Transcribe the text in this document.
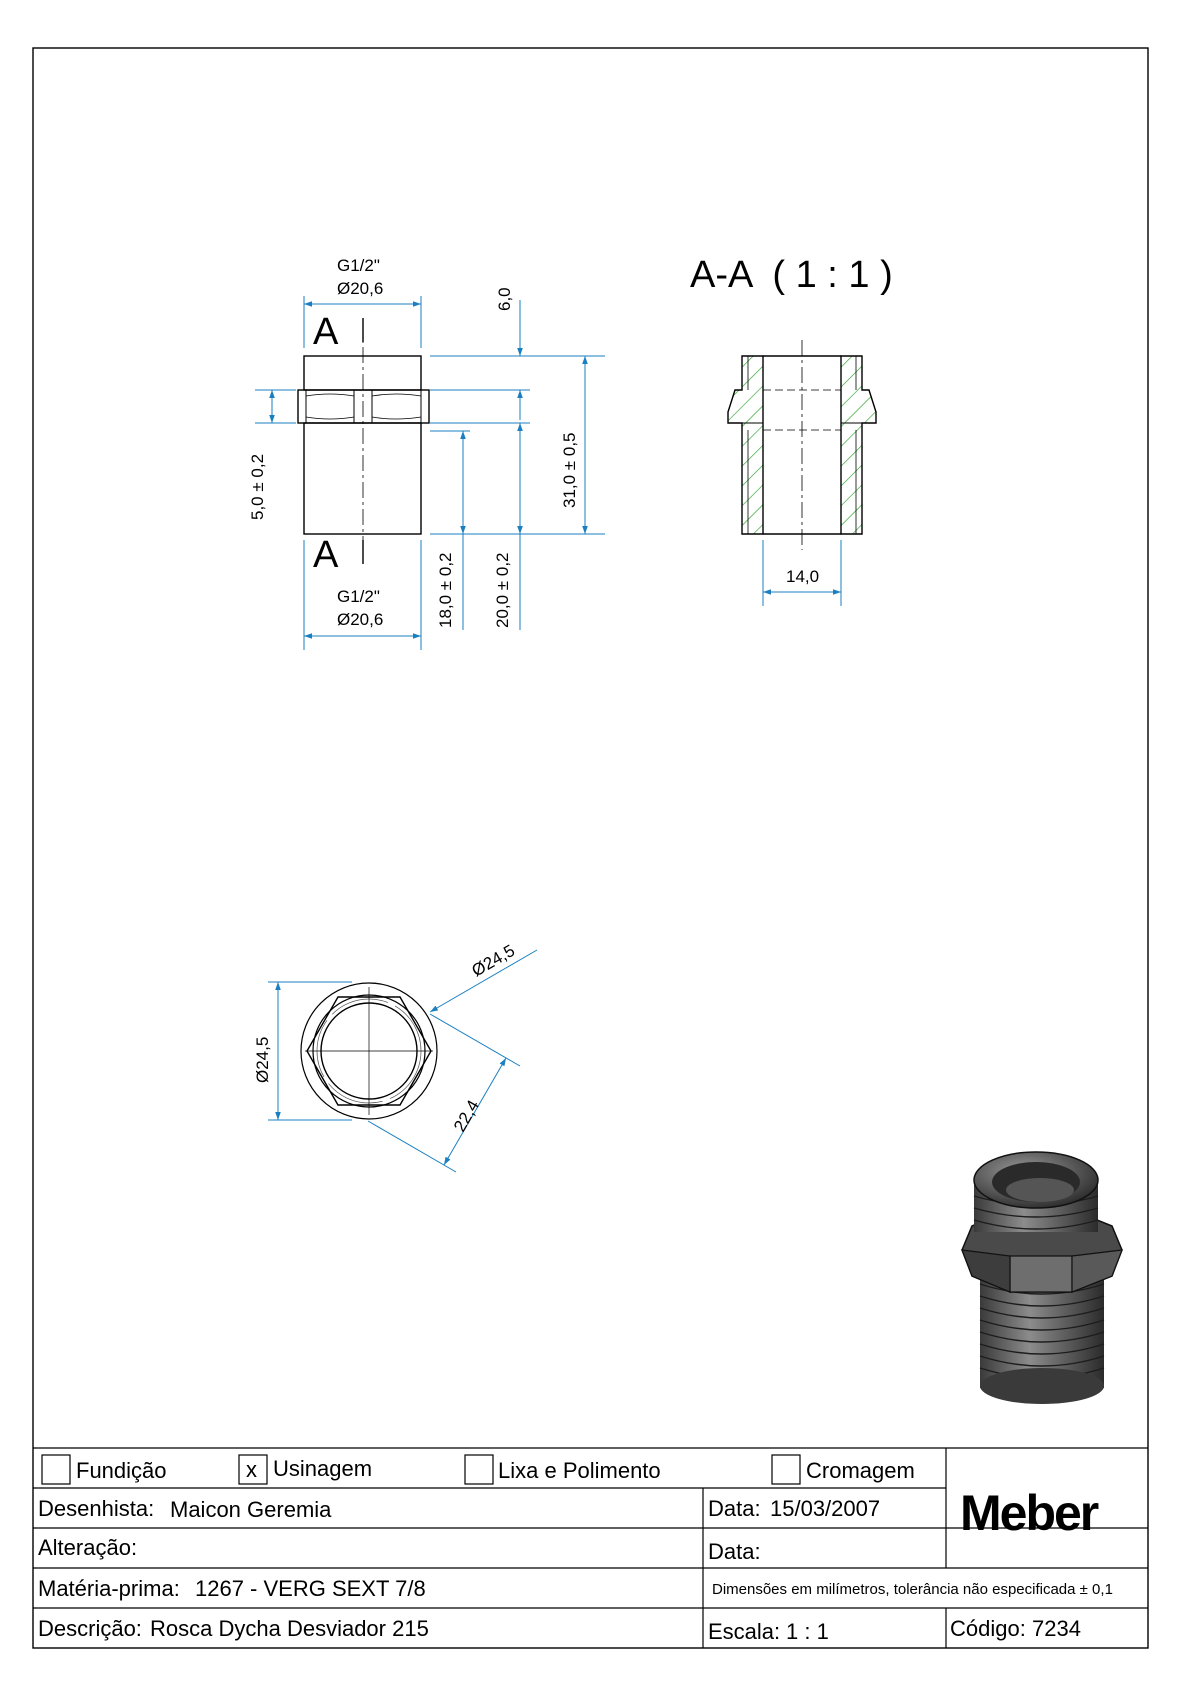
A
A
G1/2"
Ø20,6
G1/2"
Ø20,6
5,0 ± 0,2
6,0
31,0 ± 0,5
18,0 ± 0,2 20,0 ± 0,2
A-A  ( 1 : 1 )
14,0
Ø24,5
Ø24,5
22,4
Fundição	x Usinagem	Lixa e Polimento	Cromagem
Meber
Desenhista: Maicon Geremia	Data: 15/03/2007
Alteração:	Data:
Matéria-prima: 1267 - VERG SEXT 7/8	Dimensões em milímetros, tolerância não especificada ± 0,1
Descrição: Rosca Dycha Desviador 215	Escala: 1 : 1	Código: 7234
